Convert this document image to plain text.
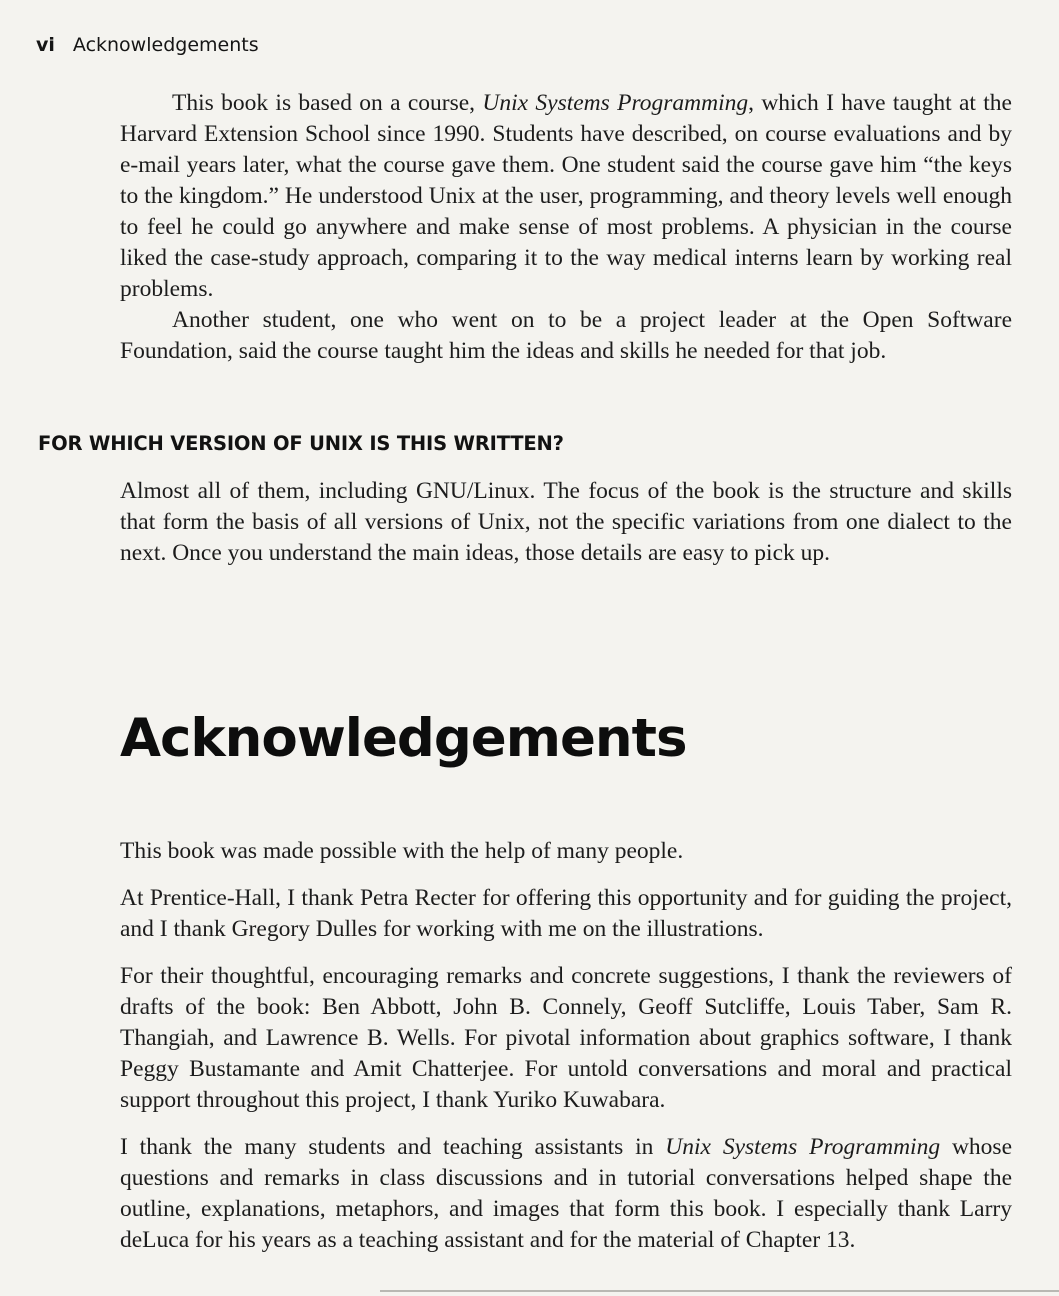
vi Acknowledgements

This book is based on a course, Unix Systems Programming, which I have taught at the Harvard Extension School since 1990. Students have described, on course evaluations and by e-mail years later, what the course gave them. One student said the course gave him “the keys to the kingdom.” He understood Unix at the user, programming, and theory levels well enough to feel he could go anywhere and make sense of most problems. A physician in the course liked the case-study approach, comparing it to the way medical interns learn by working real problems.

Another student, one who went on to be a project leader at the Open Software Foundation, said the course taught him the ideas and skills he needed for that job.

FOR WHICH VERSION OF UNIX IS THIS WRITTEN?

Almost all of them, including GNU/Linux. The focus of the book is the structure and skills that form the basis of all versions of Unix, not the specific variations from one dialect to the next. Once you understand the main ideas, those details are easy to pick up.

Acknowledgements

This book was made possible with the help of many people.

At Prentice-Hall, I thank Petra Recter for offering this opportunity and for guiding the project, and I thank Gregory Dulles for working with me on the illustrations.

For their thoughtful, encouraging remarks and concrete suggestions, I thank the reviewers of drafts of the book: Ben Abbott, John B. Connely, Geoff Sutcliffe, Louis Taber, Sam R. Thangiah, and Lawrence B. Wells. For pivotal information about graphics software, I thank Peggy Bustamante and Amit Chatterjee. For untold conversations and moral and practical support throughout this project, I thank Yuriko Kuwabara.

I thank the many students and teaching assistants in Unix Systems Programming whose questions and remarks in class discussions and in tutorial conversations helped shape the outline, explanations, metaphors, and images that form this book. I especially thank Larry deLuca for his years as a teaching assistant and for the material of Chapter 13.
